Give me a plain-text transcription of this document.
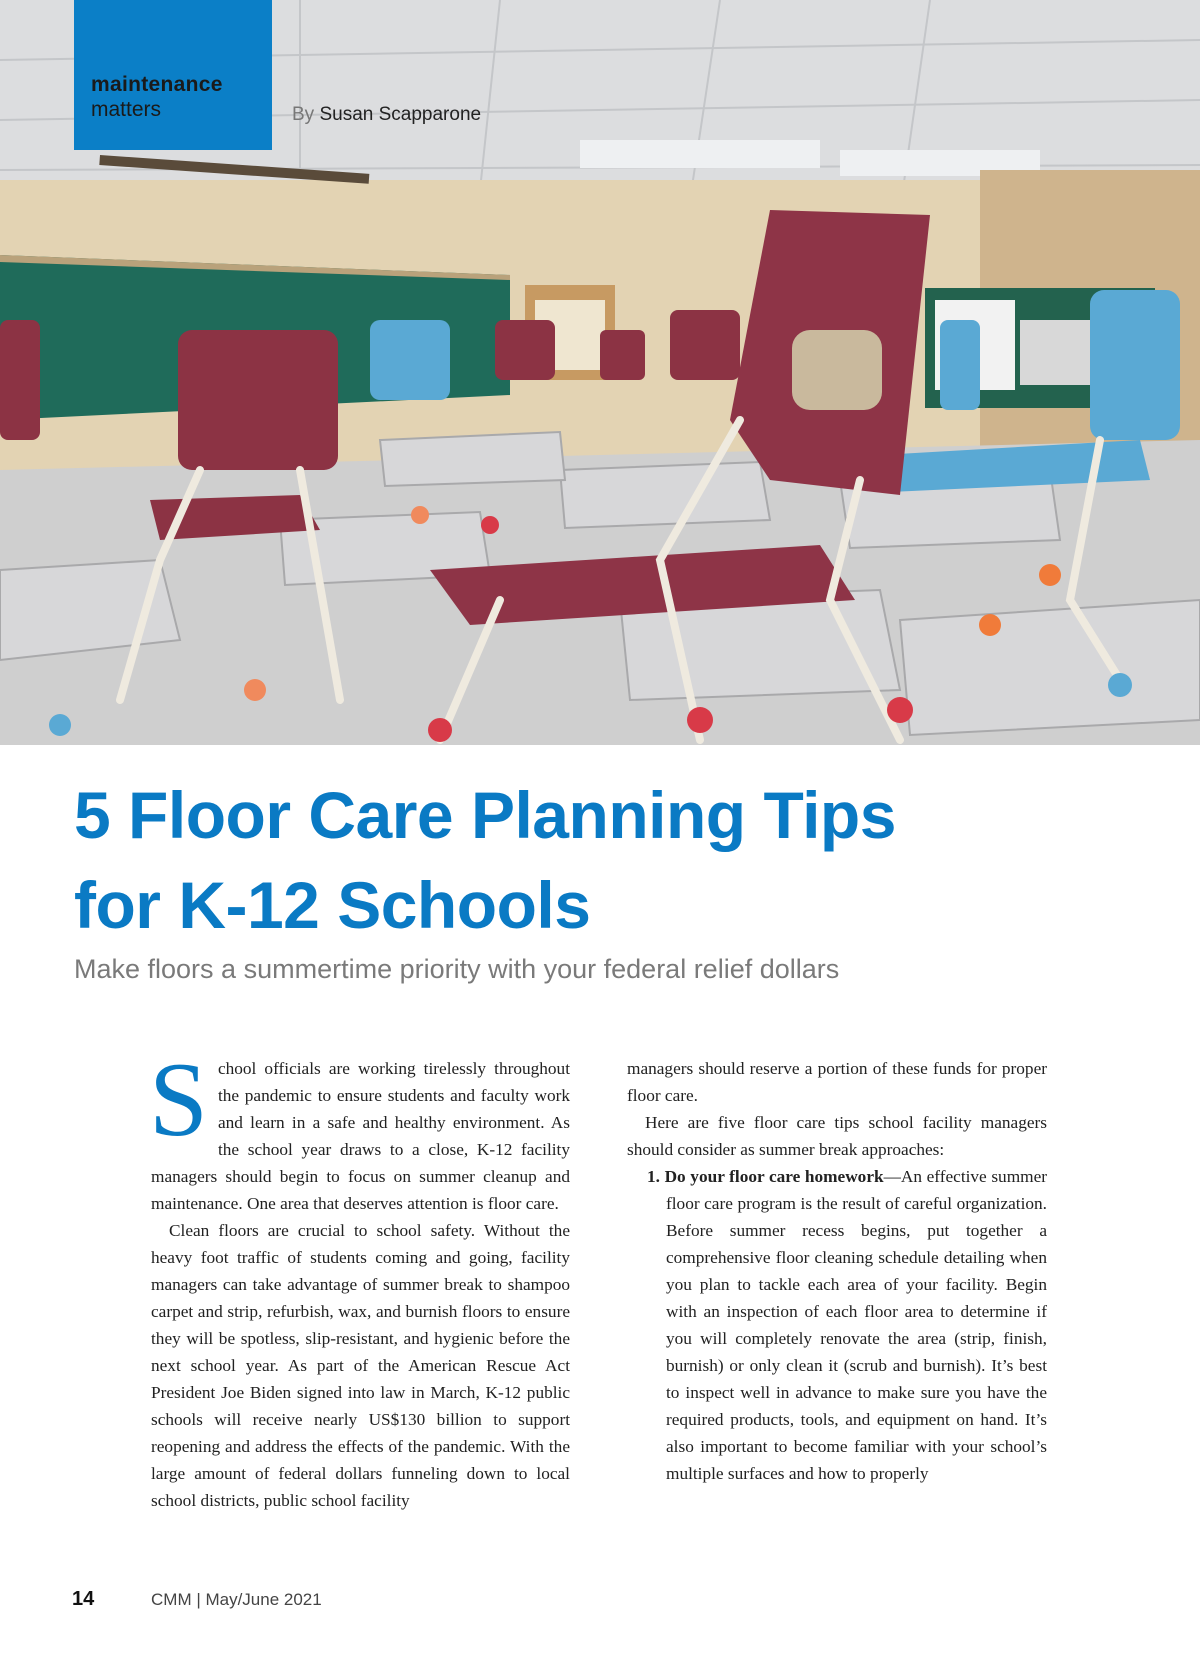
maintenance
matters	By Susan Scapparone
5 Floor Care Planning Tips
for K-12 Schools
Make floors a summertime priority with your federal relief dollars

School officials are working tirelessly throughout the pandemic to ensure students and faculty work and learn in a safe and healthy environment. As the school year draws to a close, K-12 facility managers should begin to focus on summer cleanup and maintenance. One area that deserves attention is floor care.

Clean floors are crucial to school safety. Without the heavy foot traffic of students coming and going, facility managers can take advantage of summer break to shampoo carpet and strip, refurbish, wax, and burnish floors to ensure they will be spotless, slip-resistant, and hygienic before the next school year. As part of the American Rescue Act President Joe Biden signed into law in March, K-12 public schools will receive nearly US$130 billion to support reopening and address the effects of the pandemic. With the large amount of federal dollars funneling down to local school districts, public school facility

managers should reserve a portion of these funds for proper floor care.

Here are five floor care tips school facility managers should consider as summer break approaches:

1. Do your floor care homework—An effective summer floor care program is the result of careful organization. Before summer recess begins, put together a comprehensive floor cleaning schedule detailing when you plan to tackle each area of your facility. Begin with an inspection of each floor area to determine if you will completely renovate the area (strip, finish, burnish) or only clean it (scrub and burnish). It’s best to inspect well in advance to make sure you have the required products, tools, and equipment on hand. It’s also important to become familiar with your school’s multiple surfaces and how to properly

14	CMM | May/June 2021
